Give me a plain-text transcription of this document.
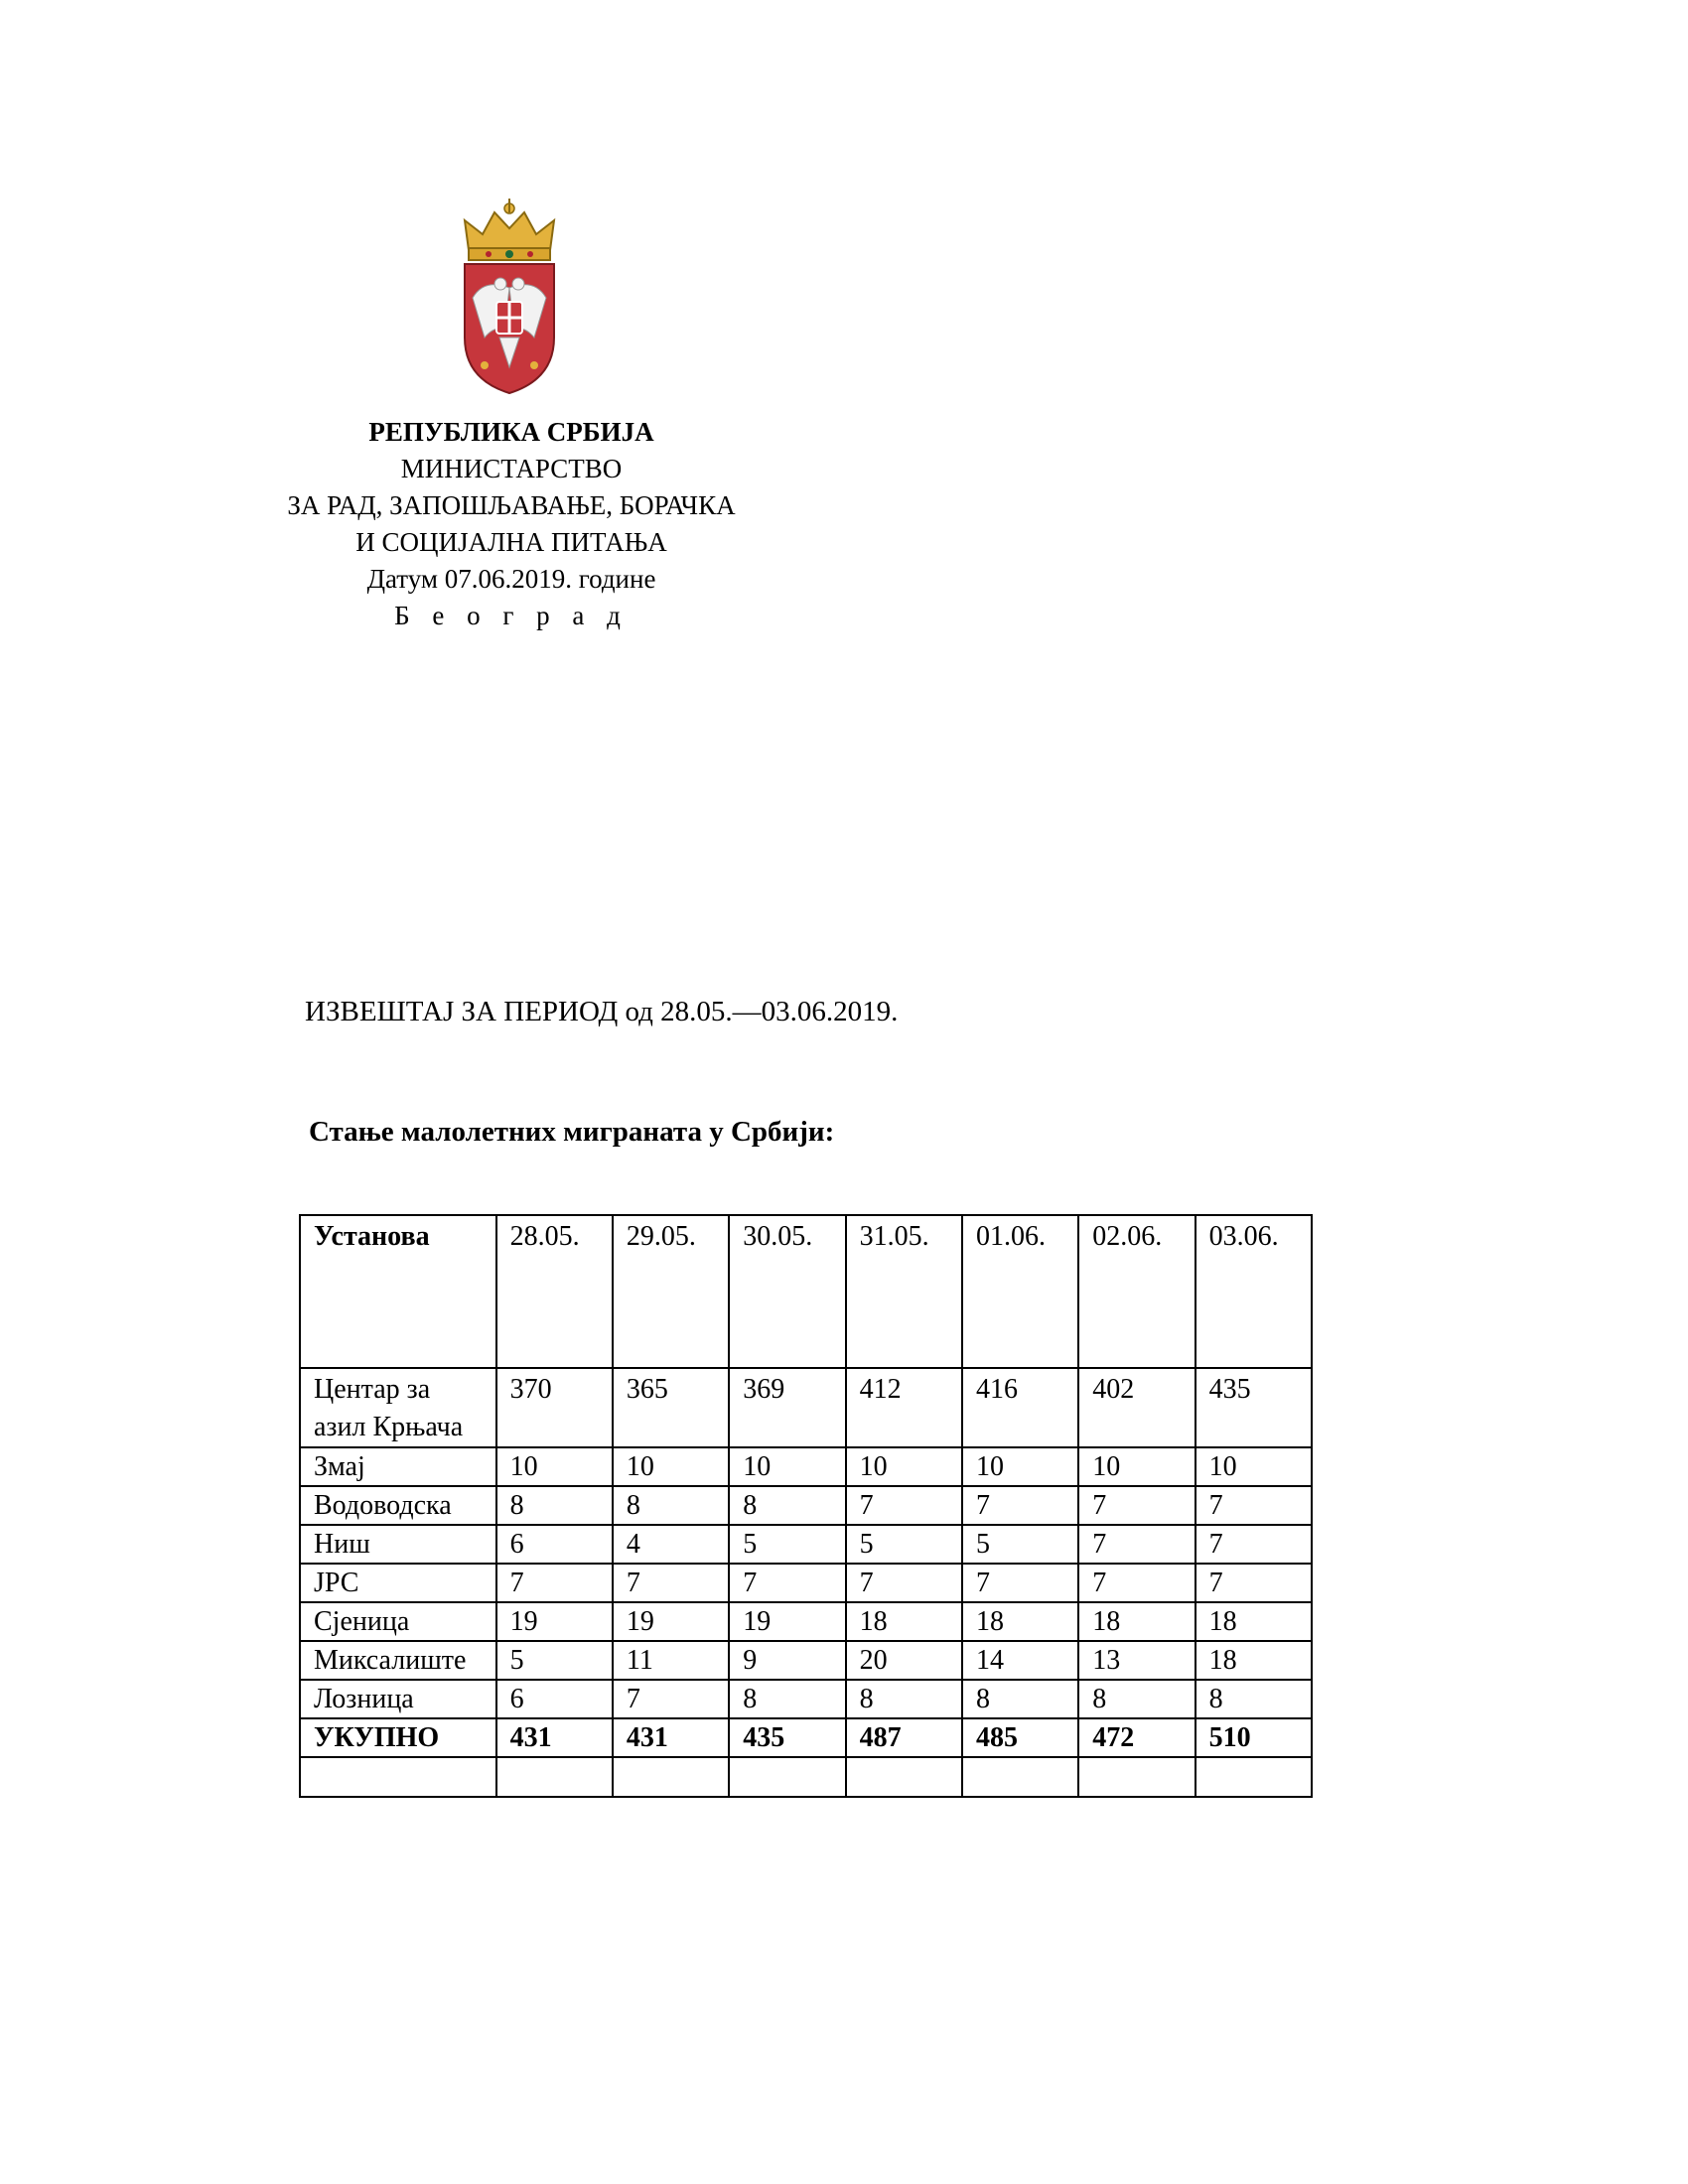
РЕПУБЛИКА СРБИЈА
МИНИСТАРСТВО
ЗА РАД, ЗАПОШЉАВАЊЕ, БОРАЧКА
И СОЦИЈАЛНА ПИТАЊА
Датум 07.06.2019. године
Б е о г р а д
ИЗВЕШТАЈ ЗА ПЕРИОД од 28.05.—03.06.2019.
Стање малолетних миграната у Србији:
Установа	28.05.	29.05.	30.05.	31.05.	01.06.	02.06.	03.06.
Центар за азил Крњача	370	365	369	412	416	402	435
Змај	10	10	10	10	10	10	10
Водоводска	8	8	8	7	7	7	7
Ниш	6	4	5	5	5	7	7
ЈРС	7	7	7	7	7	7	7
Сјеница	19	19	19	18	18	18	18
Миксалиште	5	11	9	20	14	13	18
Лозница	6	7	8	8	8	8	8
УКУПНО	431	431	435	487	485	472	510
